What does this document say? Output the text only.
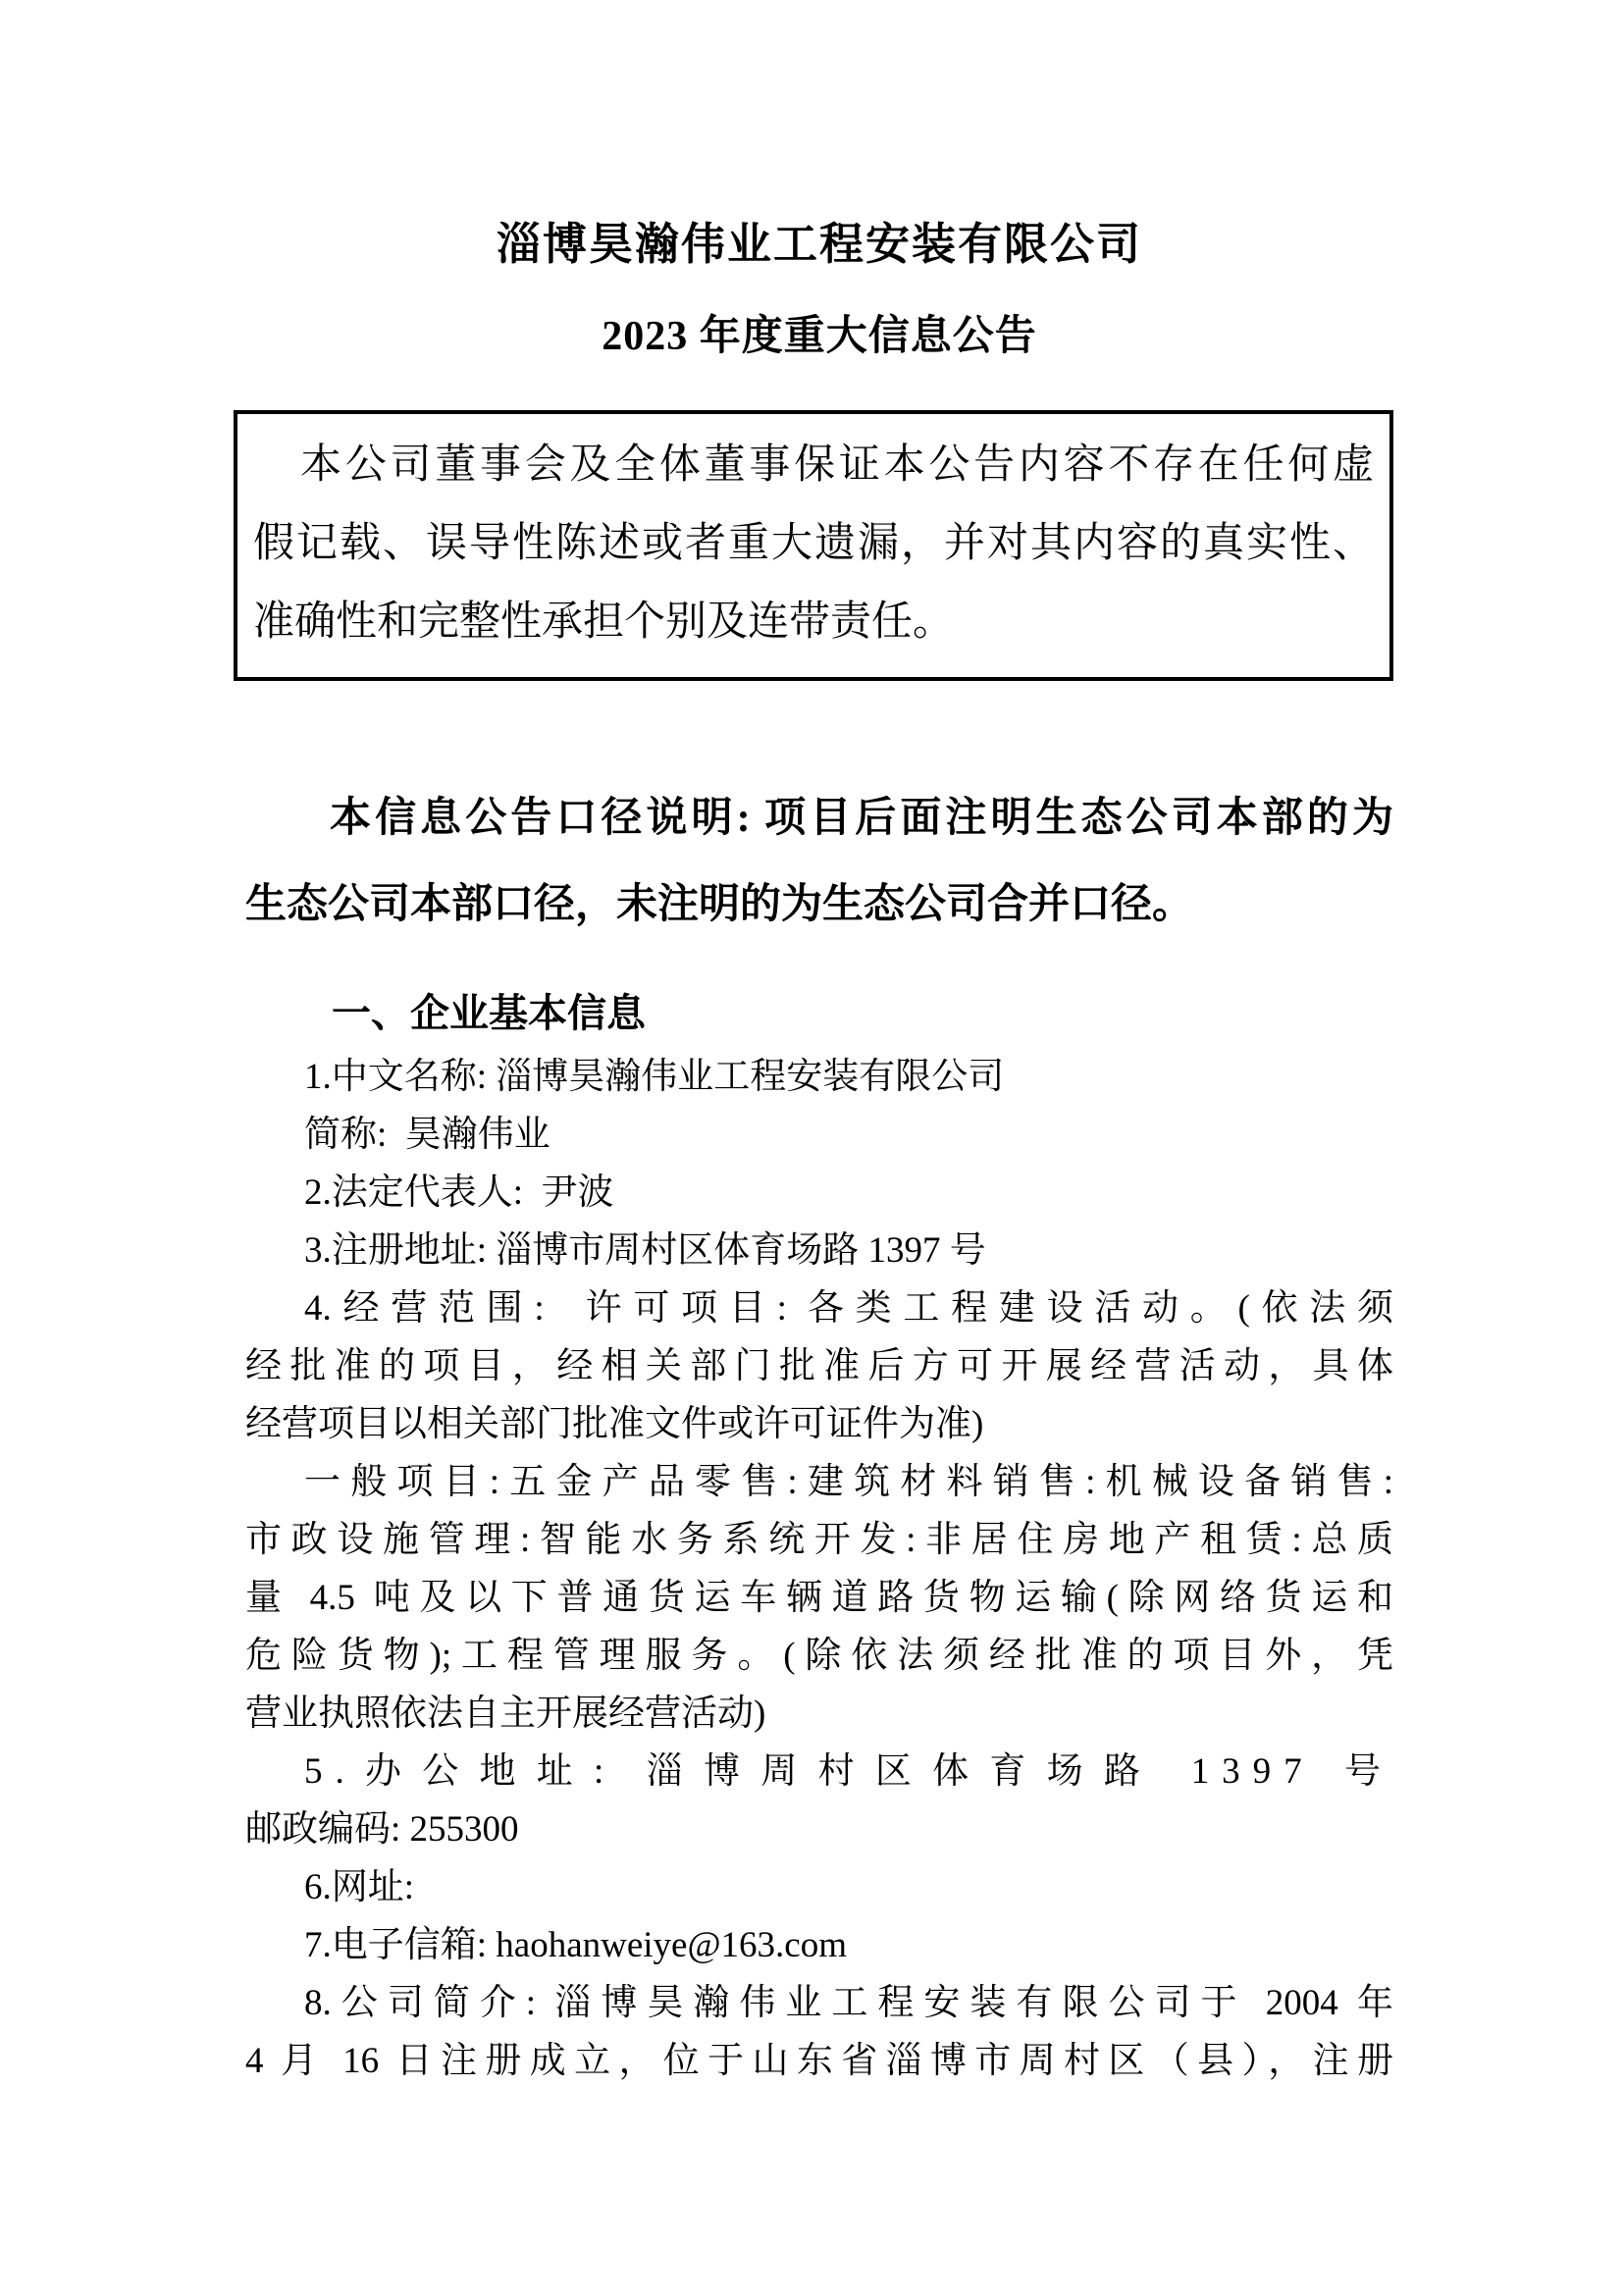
淄博昊瀚伟业工程安装有限公司
2023 年度重大信息公告
本公司董事会及全体董事保证本公告内容不存在任何虚
假记载、误导性陈述或者重大遗漏，并对其内容的真实性、
准确性和完整性承担个别及连带责任。
本信息公告口径说明: 项目后面注明生态公司本部的为
生态公司本部口径，未注明的为生态公司合并口径。
一、企业基本信息
1.中文名称: 淄博昊瀚伟业工程安装有限公司
简称:  昊瀚伟业
2.法定代表人:  尹波
3.注册地址: 淄博市周村区体育场路 1397 号
4.经营范围:  许可项目: 各类工程建设活动。(依法须
经批准的项目，经相关部门批准后方可开展经营活动，具体
经营项目以相关部门批准文件或许可证件为准)
一般项目:五金产品零售:建筑材料销售:机械设备销售:
市政设施管理:智能水务系统开发:非居住房地产租赁:总质
量 4.5 吨及以下普通货运车辆道路货物运输(除网络货运和
危险货物);工程管理服务。(除依法须经批准的项目外，凭
营业执照依法自主开展经营活动)
5.办公地址: 淄博周村区体育场路 1397 号
邮政编码: 255300
6.网址:
7.电子信箱: haohanweiye@163.com
8.公司简介: 淄博昊瀚伟业工程安装有限公司于 2004 年
4 月 16 日注册成立，位于山东省淄博市周村区（县），注册
